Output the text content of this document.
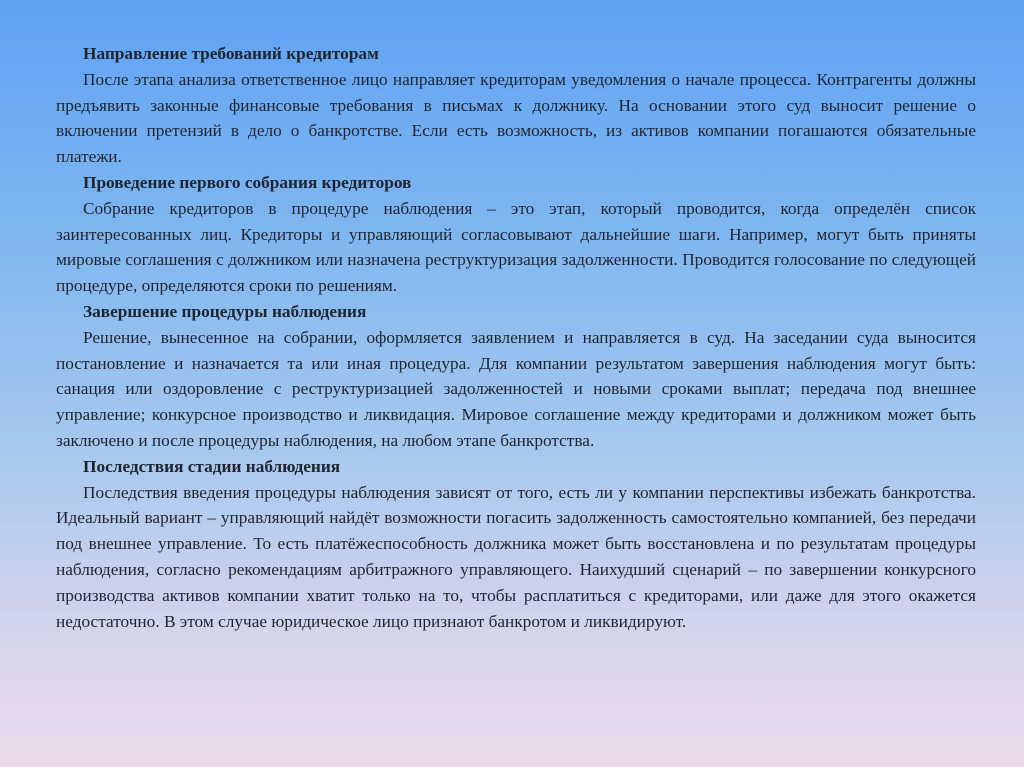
Направление требований кредиторам

После этапа анализа ответственное лицо направляет кредиторам уведомления о начале процесса. Контрагенты должны предъявить законные финансовые требования в письмах к должнику. На основании этого суд выносит решение о включении претензий в дело о банкротстве. Если есть возможность, из активов компании погашаются обязательные платежи.

Проведение первого собрания кредиторов

Собрание кредиторов в процедуре наблюдения – это этап, который проводится, когда определён список заинтересованных лиц. Кредиторы и управляющий согласовывают дальнейшие шаги. Например, могут быть приняты мировые соглашения с должником или назначена реструктуризация задолженности. Проводится голосование по следующей процедуре, определяются сроки по решениям.

Завершение процедуры наблюдения

Решение, вынесенное на собрании, оформляется заявлением и направляется в суд. На заседании суда выносится постановление и назначается та или иная процедура. Для компании результатом завершения наблюдения могут быть: санация или оздоровление с реструктуризацией задолженностей и новыми сроками выплат; передача под внешнее управление; конкурсное производство и ликвидация. Мировое соглашение между кредиторами и должником может быть заключено и после процедуры наблюдения, на любом этапе банкротства.

Последствия стадии наблюдения

Последствия введения процедуры наблюдения зависят от того, есть ли у компании перспективы избежать банкротства. Идеальный вариант – управляющий найдёт возможности погасить задолженность самостоятельно компанией, без передачи под внешнее управление. То есть платёжеспособность должника может быть восстановлена и по результатам процедуры наблюдения, согласно рекомендациям арбитражного управляющего. Наихудший сценарий – по завершении конкурсного производства активов компании хватит только на то, чтобы расплатиться с кредиторами, или даже для этого окажется недостаточно. В этом случае юридическое лицо признают банкротом и ликвидируют.
